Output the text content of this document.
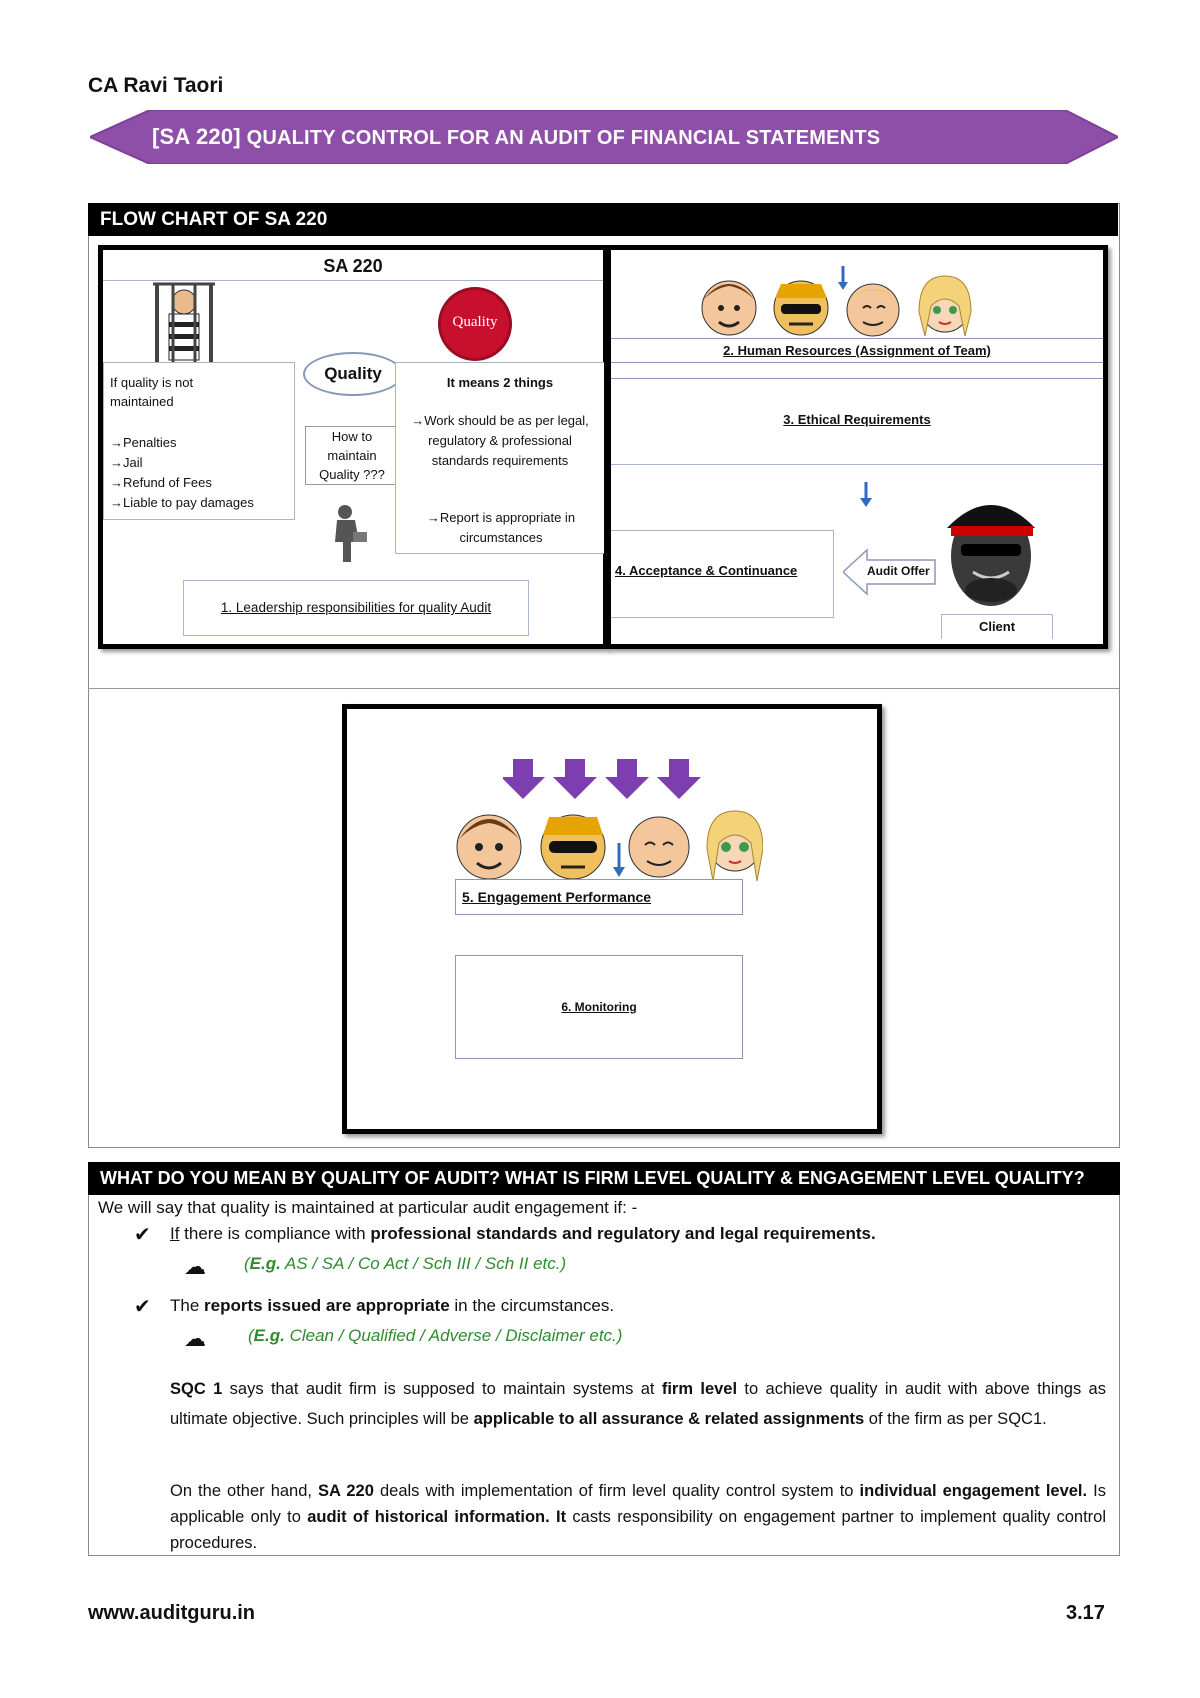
CA Ravi Taori
[SA 220] QUALITY CONTROL FOR AN AUDIT OF FINANCIAL STATEMENTS
FLOW CHART OF SA 220
SA 220
If quality is not maintained
→Penalties
→Jail
→Refund of Fees
→Liable to pay damages
Quality
How to maintain Quality ???
It means 2 things
→Work should be as per legal, regulatory & professional standards requirements
→Report is appropriate in circumstances
Quality
1. Leadership responsibilities for quality Audit
2. Human Resources (Assignment of Team)
3. Ethical Requirements
4. Acceptance & Continuance	Audit Offer
Client
5. Engagement Performance
6. Monitoring
WHAT DO YOU MEAN BY QUALITY OF AUDIT? WHAT IS FIRM LEVEL QUALITY & ENGAGEMENT LEVEL QUALITY?
We will say that quality is maintained at particular audit engagement if: -
✔ If there is compliance with professional standards and regulatory and legal requirements.
☁ (E.g. AS / SA / Co Act / Sch III / Sch II etc.)
✔ The reports issued are appropriate in the circumstances.
☁ (E.g. Clean / Qualified / Adverse / Disclaimer etc.)
SQC 1 says that audit firm is supposed to maintain systems at firm level to achieve quality in audit with above things as ultimate objective. Such principles will be applicable to all assurance & related assignments of the firm as per SQC1.
On the other hand, SA 220 deals with implementation of firm level quality control system to individual engagement level. Is applicable only to audit of historical information. It casts responsibility on engagement partner to implement quality control procedures.
www.auditguru.in	3.17
